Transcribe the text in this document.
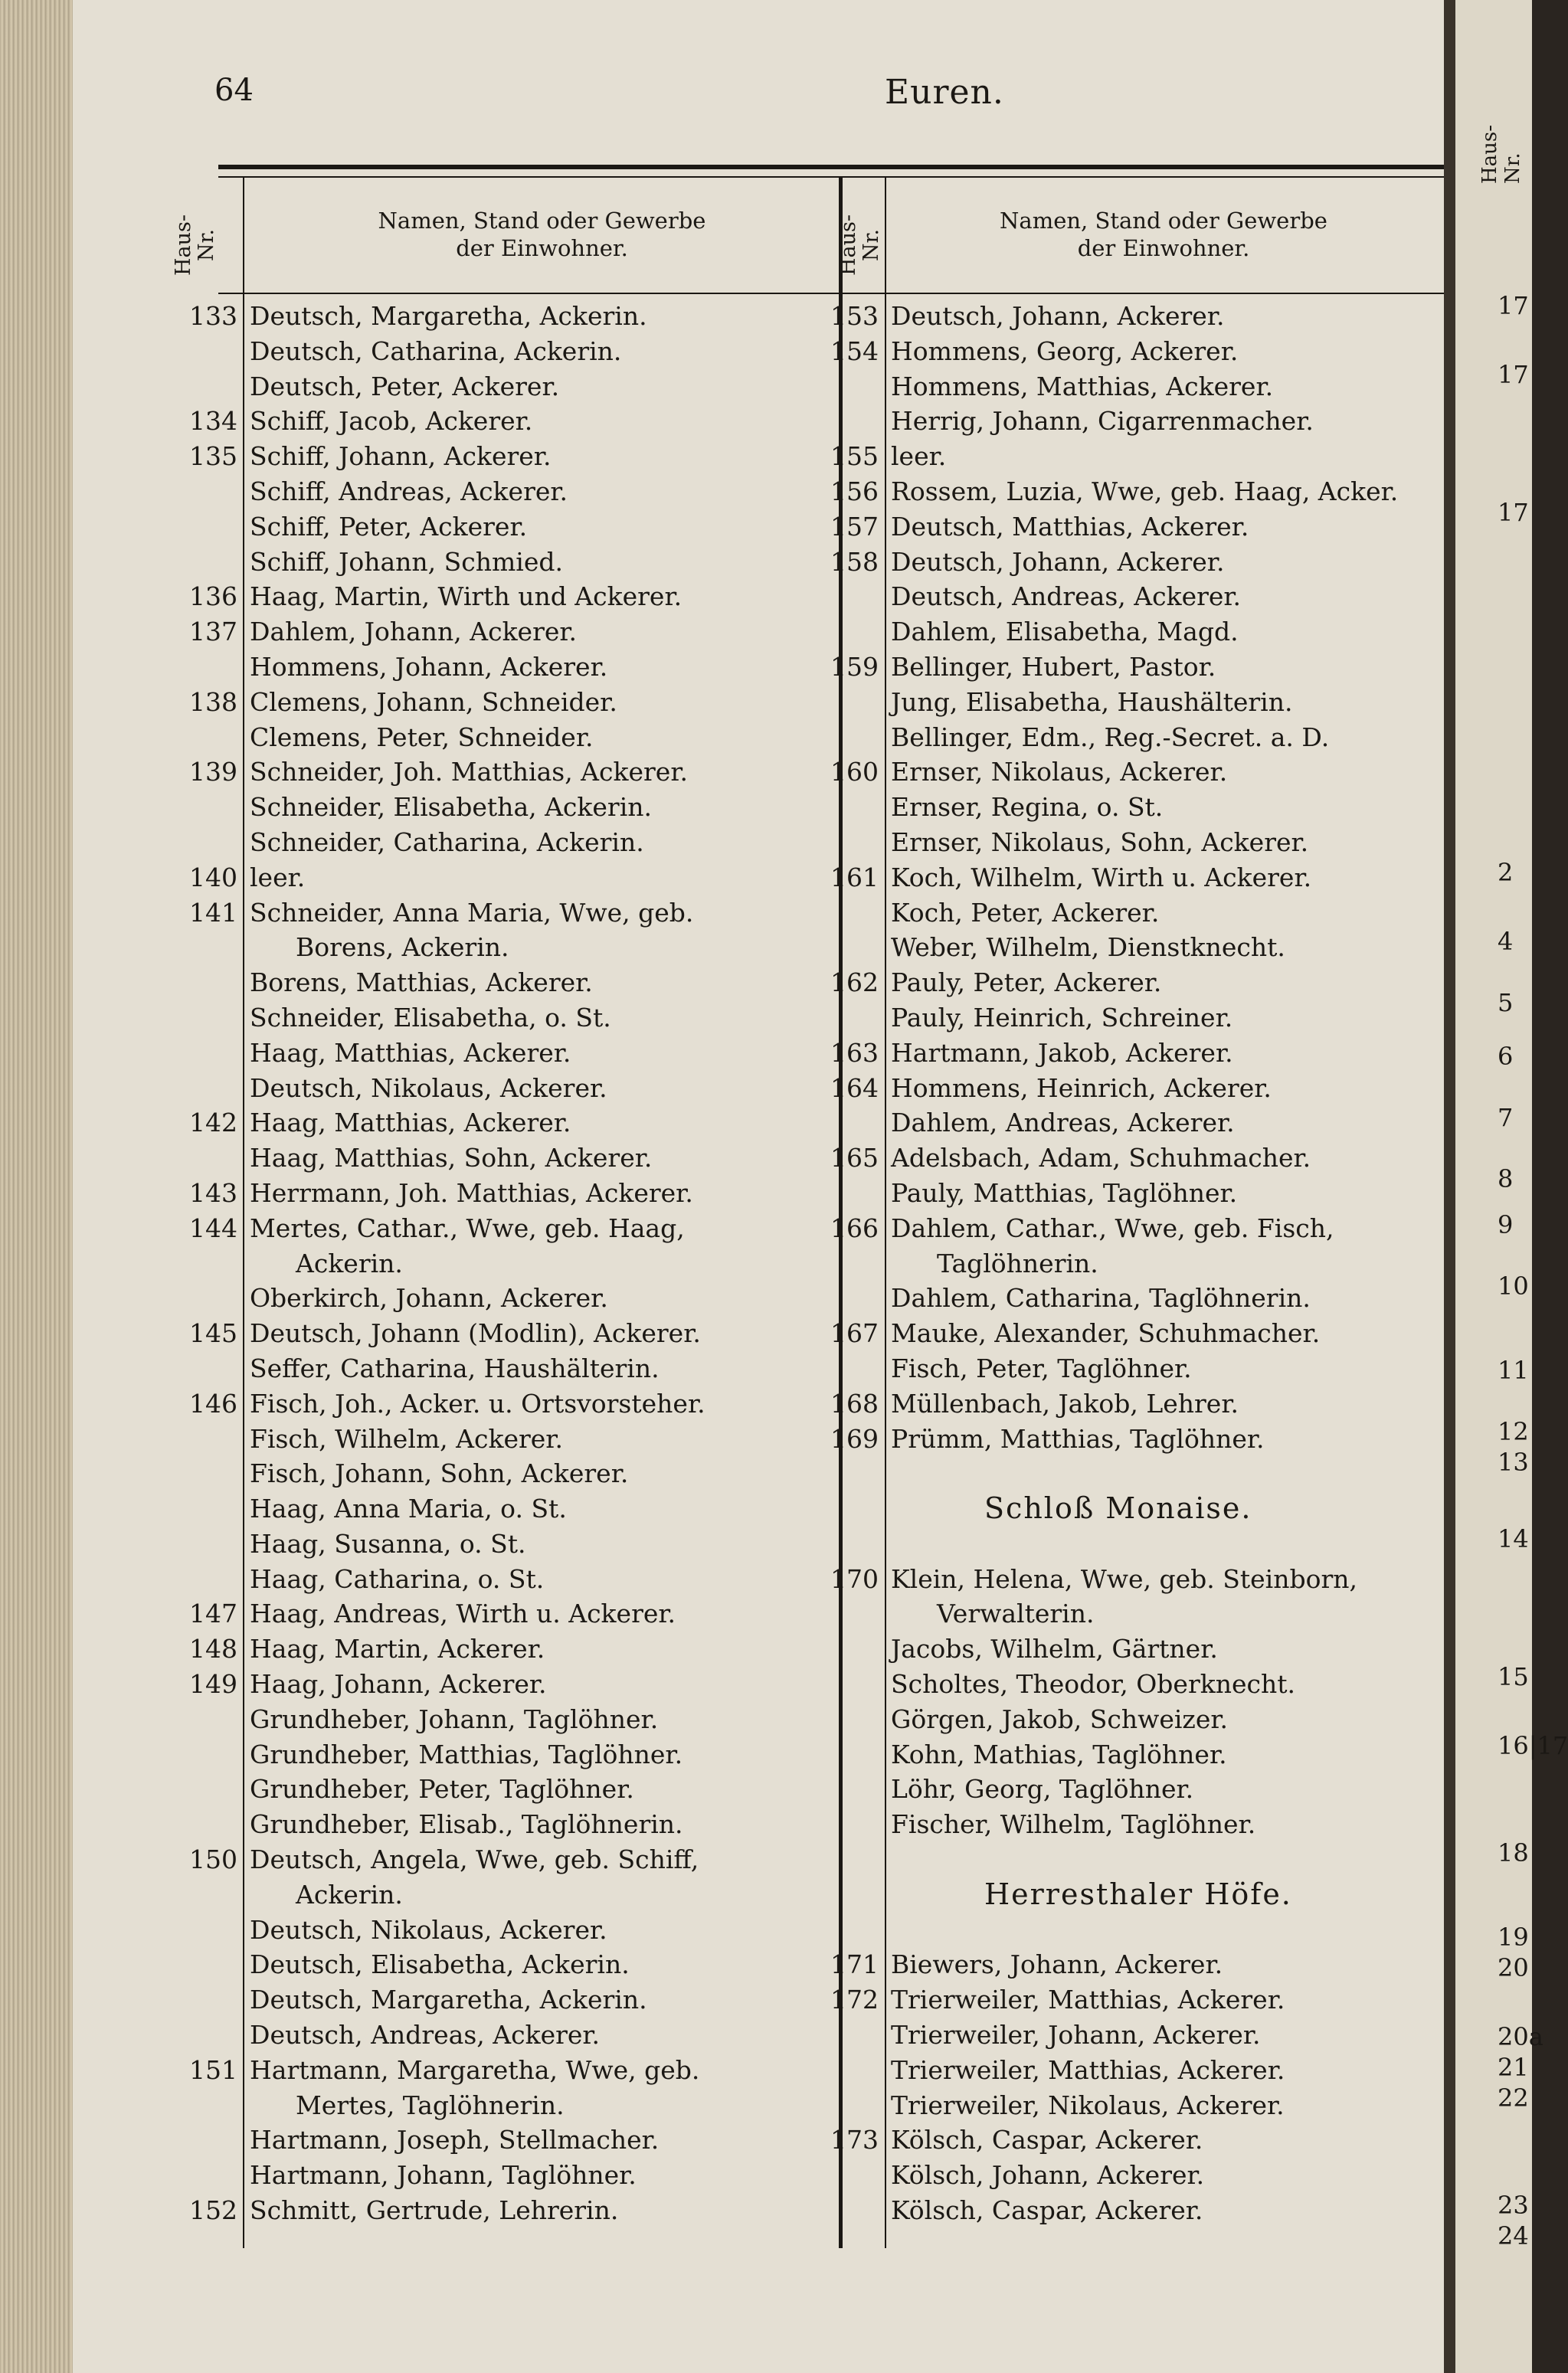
64	Euren.
Haus-Nr.
Namen, Stand oder Gewerbe
der Einwohner.	Haus-Nr.
Namen, Stand oder Gewerbe
der Einwohner.
133 Deutsch, Margaretha, Ackerin.
Deutsch, Catharina, Ackerin.
Deutsch, Peter, Ackerer.
134 Schiff, Jacob, Ackerer.
135 Schiff, Johann, Ackerer.
Schiff, Andreas, Ackerer.
Schiff, Peter, Ackerer.
Schiff, Johann, Schmied.
136 Haag, Martin, Wirth und Ackerer.
137 Dahlem, Johann, Ackerer.
Hommens, Johann, Ackerer.
138 Clemens, Johann, Schneider.
Clemens, Peter, Schneider.
139 Schneider, Joh. Matthias, Ackerer.
Schneider, Elisabetha, Ackerin.
Schneider, Catharina, Ackerin.
140 leer.
141 Schneider, Anna Maria, Wwe, geb.
Borens, Ackerin.
Borens, Matthias, Ackerer.
Schneider, Elisabetha, o. St.
Haag, Matthias, Ackerer.
Deutsch, Nikolaus, Ackerer.
142 Haag, Matthias, Ackerer.
Haag, Matthias, Sohn, Ackerer.
143 Herrmann, Joh. Matthias, Ackerer.
144 Mertes, Cathar., Wwe, geb. Haag,
Ackerin.
Oberkirch, Johann, Ackerer.
145 Deutsch, Johann (Modlin), Ackerer.
Seffer, Catharina, Haushälterin.
146 Fisch, Joh., Acker. u. Ortsvorsteher.
Fisch, Wilhelm, Ackerer.
Fisch, Johann, Sohn, Ackerer.
Haag, Anna Maria, o. St.
Haag, Susanna, o. St.
Haag, Catharina, o. St.
147 Haag, Andreas, Wirth u. Ackerer.
148 Haag, Martin, Ackerer.
149 Haag, Johann, Ackerer.
Grundheber, Johann, Taglöhner.
Grundheber, Matthias, Taglöhner.
Grundheber, Peter, Taglöhner.
Grundheber, Elisab., Taglöhnerin.
150 Deutsch, Angela, Wwe, geb. Schiff,
Ackerin.
Deutsch, Nikolaus, Ackerer.
Deutsch, Elisabetha, Ackerin.
Deutsch, Margaretha, Ackerin.
Deutsch, Andreas, Ackerer.
151 Hartmann, Margaretha, Wwe, geb.
Mertes, Taglöhnerin.
Hartmann, Joseph, Stellmacher.
Hartmann, Johann, Taglöhner.
152 Schmitt, Gertrude, Lehrerin.
153 Deutsch, Johann, Ackerer.
154 Hommens, Georg, Ackerer.
Hommens, Matthias, Ackerer.
Herrig, Johann, Cigarrenmacher.
155 leer.
156 Rossem, Luzia, Wwe, geb. Haag, Acker.
157 Deutsch, Matthias, Ackerer.
158 Deutsch, Johann, Ackerer.
Deutsch, Andreas, Ackerer.
Dahlem, Elisabetha, Magd.
159 Bellinger, Hubert, Pastor.
Jung, Elisabetha, Haushälterin.
Bellinger, Edm., Reg.-Secret. a. D.
160 Ernser, Nikolaus, Ackerer.
Ernser, Regina, o. St.
Ernser, Nikolaus, Sohn, Ackerer.
161 Koch, Wilhelm, Wirth u. Ackerer.
Koch, Peter, Ackerer.
Weber, Wilhelm, Dienstknecht.
162 Pauly, Peter, Ackerer.
Pauly, Heinrich, Schreiner.
163 Hartmann, Jakob, Ackerer.
164 Hommens, Heinrich, Ackerer.
Dahlem, Andreas, Ackerer.
165 Adelsbach, Adam, Schuhmacher.
Pauly, Matthias, Taglöhner.
166 Dahlem, Cathar., Wwe, geb. Fisch,
Taglöhnerin.
Dahlem, Catharina, Taglöhnerin.
167 Mauke, Alexander, Schuhmacher.
Fisch, Peter, Taglöhner.
168 Müllenbach, Jakob, Lehrer.
169 Prümm, Matthias, Taglöhner.
Schloß Monaise.
170 Klein, Helena, Wwe, geb. Steinborn,
Verwalterin.
Jacobs, Wilhelm, Gärtner.
Scholtes, Theodor, Oberknecht.
Görgen, Jakob, Schweizer.
Kohn, Mathias, Taglöhner.
Löhr, Georg, Taglöhner.
Fischer, Wilhelm, Taglöhner.
Herresthaler Höfe.
171 Biewers, Johann, Ackerer.
172 Trierweiler, Matthias, Ackerer.
Trierweiler, Johann, Ackerer.
Trierweiler, Matthias, Ackerer.
Trierweiler, Nikolaus, Ackerer.
173 Kölsch, Caspar, Ackerer.
Kölsch, Johann, Ackerer.
Kölsch, Caspar, Ackerer.
Haus-Nr.
17
17
17
2
4
5
6
7
8
9
10
11
12
13
14
15
16|17
18
19
20
20a
21
22
23
24
